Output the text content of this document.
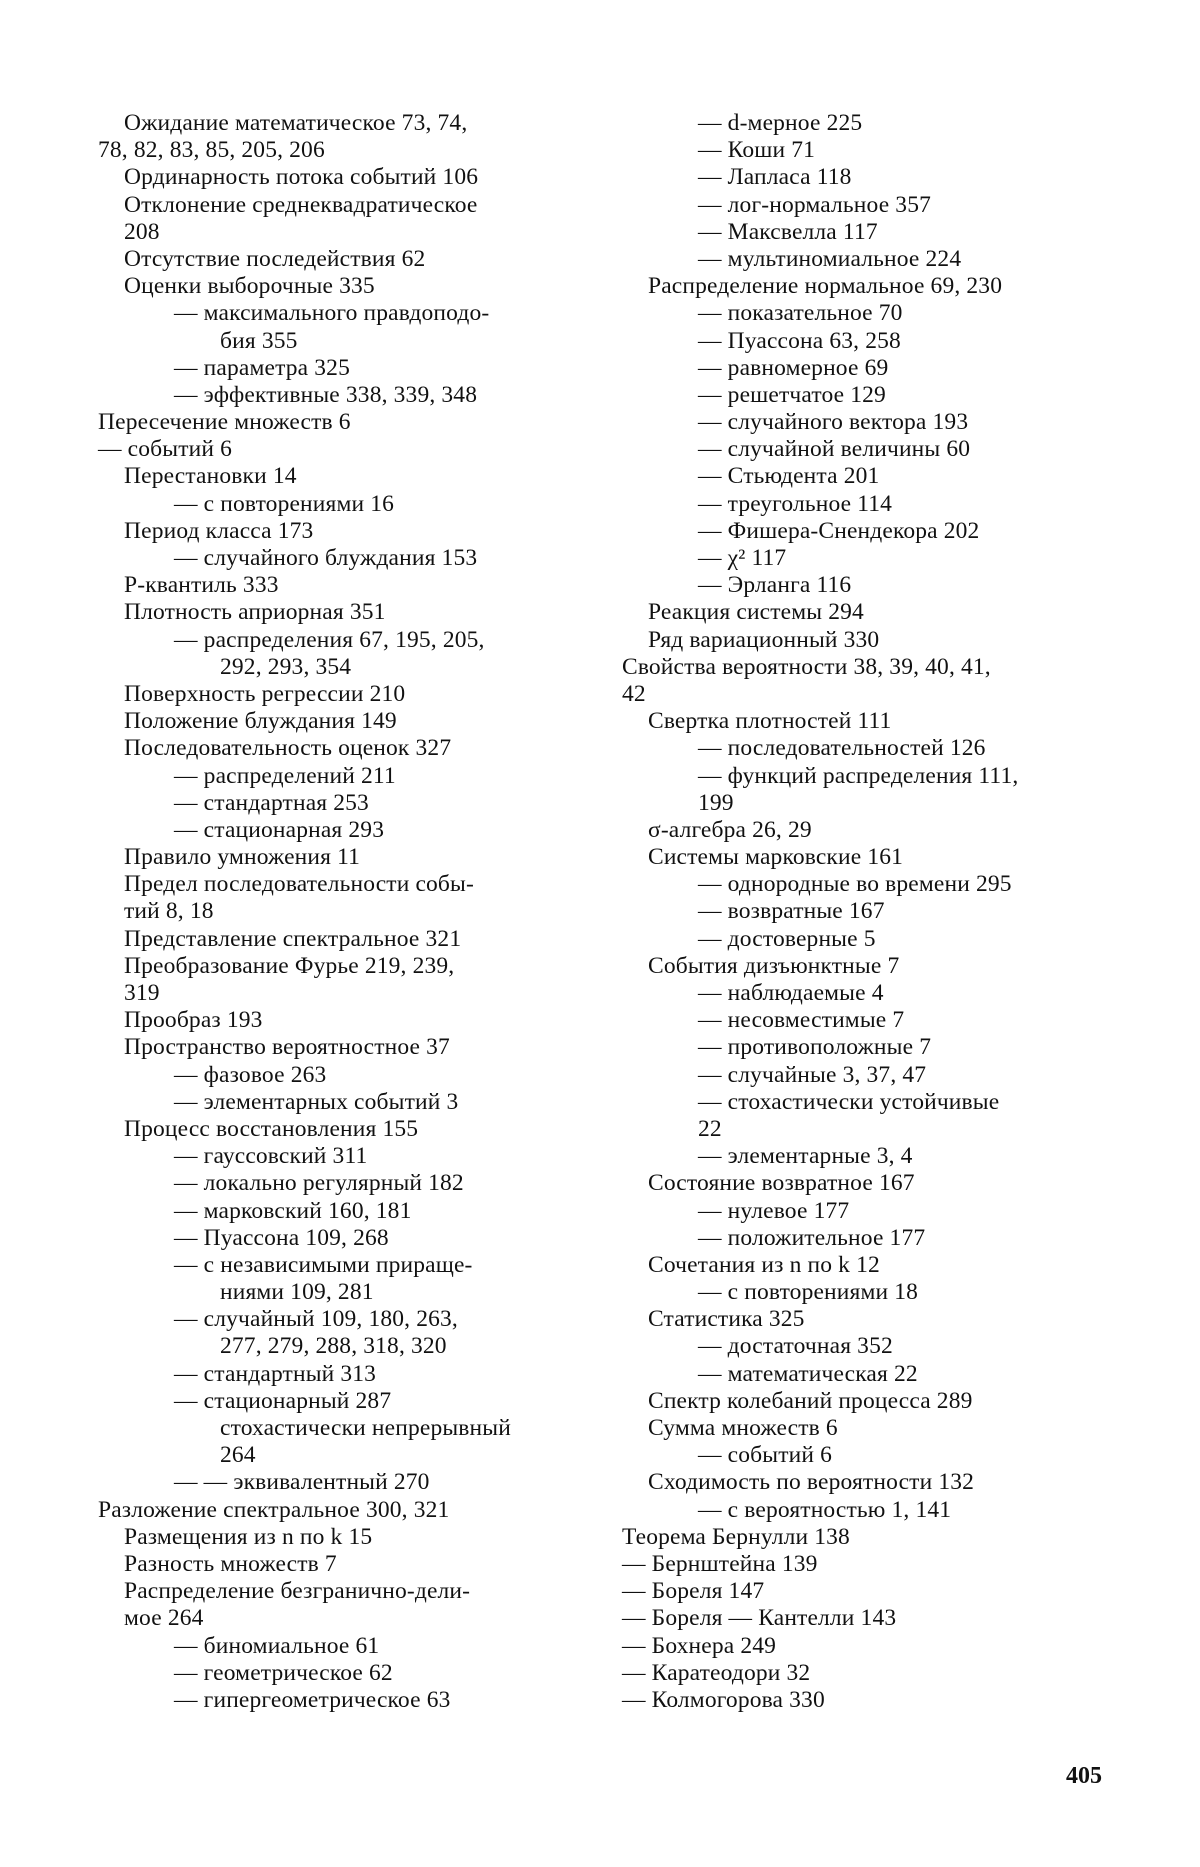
Ожидание математическое 73, 74,
78, 82, 83, 85, 205, 206
Ординарность потока событий 106
Отклонение среднеквадратическое
208
Отсутствие последействия 62
Оценки выборочные 335
— максимального правдоподо-
бия 355
— параметра 325
— эффективные 338, 339, 348
Пересечение множеств 6
— событий 6
Перестановки 14
— с повторениями 16
Период класса 173
— случайного блуждания 153
P-квантиль 333
Плотность априорная 351
— распределения 67, 195, 205,
292, 293, 354
Поверхность регрессии 210
Положение блуждания 149
Последовательность оценок 327
— распределений 211
— стандартная 253
— стационарная 293
Правило умножения 11
Предел последовательности собы-
тий 8, 18
Представление спектральное 321
Преобразование Фурье 219, 239,
319
Прообраз 193
Пространство вероятностное 37
— фазовое 263
— элементарных событий 3
Процесс восстановления 155
— гауссовский 311
— локально регулярный 182
— марковский 160, 181
— Пуассона 109, 268
— с независимыми прираще-
ниями 109, 281
— случайный 109, 180, 263,
277, 279, 288, 318, 320
— стандартный 313
— стационарный 287
стохастически непрерывный
264
— — эквивалентный 270
Разложение спектральное 300, 321
Размещения из n по k 15
Разность множеств 7
Распределение безгранично-дели-
мое 264
— биномиальное 61
— геометрическое 62
— гипергеометрическое 63
— d-мерное 225
— Коши 71
— Лапласа 118
— лог-нормальное 357
— Максвелла 117
— мультиномиальное 224
Распределение нормальное 69, 230
— показательное 70
— Пуассона 63, 258
— равномерное 69
— решетчатое 129
— случайного вектора 193
— случайной величины 60
— Стьюдента 201
— треугольное 114
— Фишера-Снендекора 202
— χ² 117
— Эрланга 116
Реакция системы 294
Ряд вариационный 330
Свойства вероятности 38, 39, 40, 41,
42
Свертка плотностей 111
— последовательностей 126
— функций распределения 111,
199
σ-алгебра 26, 29
Системы марковские 161
— однородные во времени 295
— возвратные 167
— достоверные 5
События дизъюнктные 7
— наблюдаемые 4
— несовместимые 7
— противоположные 7
— случайные 3, 37, 47
— стохастически устойчивые
22
— элементарные 3, 4
Состояние возвратное 167
— нулевое 177
— положительное 177
Сочетания из n по k 12
— с повторениями 18
Статистика 325
— достаточная 352
— математическая 22
Спектр колебаний процесса 289
Сумма множеств 6
— событий 6
Сходимость по вероятности 132
— с вероятностью 1, 141
Теорема Бернулли 138
— Бернштейна 139
— Бореля 147
— Бореля — Кантелли 143
— Бохнера 249
— Каратеодори 32
— Колмогорова 330
405
